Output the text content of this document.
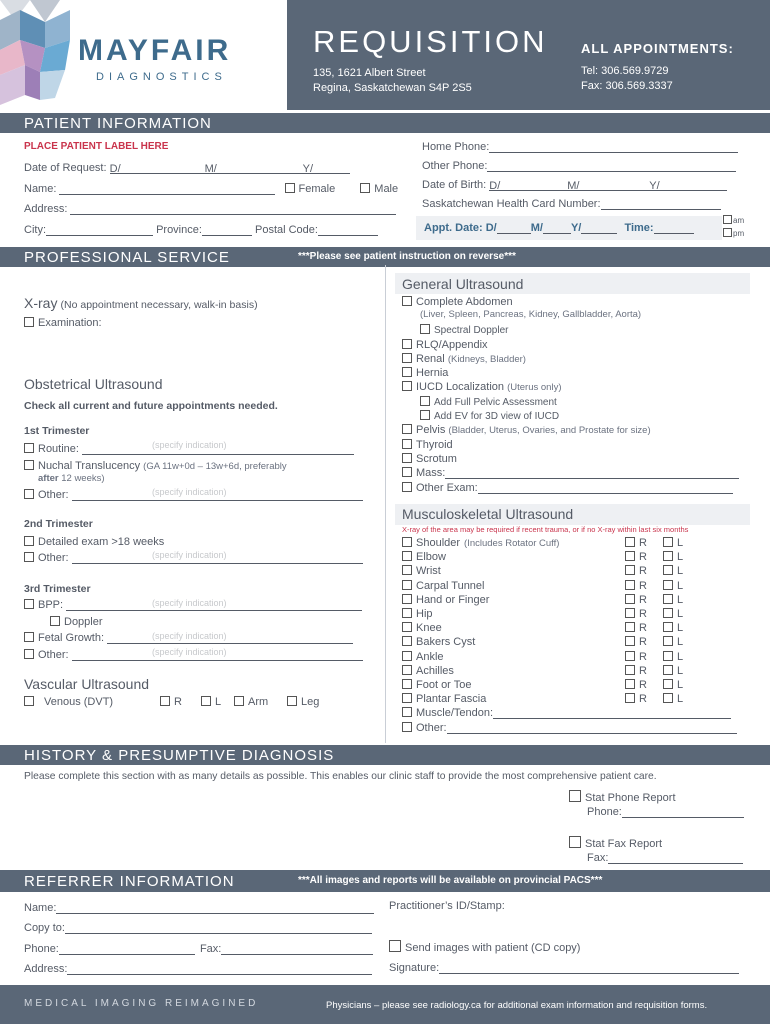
MAYFAIR
DIAGNOSTICS
REQUISITION	ALL APPOINTMENTS:
135, 1621 Albert Street
Regina, Saskatchewan S4P 2S5
Tel: 306.569.9729
Fax: 306.569.3337
PATIENT INFORMATION
PLACE PATIENT LABEL HERE
Date of Request: D/	M/	Y/
Name:	Female	Male
Address:
City:	Province:	Postal Code:
Home Phone:
Other Phone:
Date of Birth: D/	M/	Y/
Saskatchewan Health Card Number:
Appt. Date: D/	M/	Y/	Time:
am
pm
PROFESSIONAL SERVICE	***Please see patient instruction on reverse***
X-ray (No appointment necessary, walk-in basis)
Examination:
Obstetrical Ultrasound
Check all current and future appointments needed.
1st Trimester
Routine:	(specify indication)
Nuchal Translucency (GA 11w+0d – 13w+6d, preferably
after 12 weeks)
Other:	(specify indication)
2nd Trimester
Detailed exam >18 weeks
Other:	(specify indication)
3rd Trimester
BPP:	(specify indication)
Doppler
Fetal Growth:	(specify indication)
Other:	(specify indication)
Vascular Ultrasound
Venous (DVT)	R	L	Arm	Leg
General Ultrasound
Complete Abdomen
(Liver, Spleen, Pancreas, Kidney, Gallbladder, Aorta)
Spectral Doppler
RLQ/Appendix
Renal (Kidneys, Bladder)
Hernia
IUCD Localization (Uterus only)
Add Full Pelvic Assessment
Add EV for 3D view of IUCD
Pelvis (Bladder, Uterus, Ovaries, and Prostate for size)
Thyroid
Scrotum
Mass:
Other Exam:
Musculoskeletal Ultrasound
X-ray of the area may be required if recent trauma, or if no X-ray within last six months
Shoulder (Includes Rotator Cuff)	R	L
Elbow	R	L
Wrist	R	L
Carpal Tunnel	R	L
Hand or Finger	R	L
Hip	R	L
Knee	R	L
Bakers Cyst	R	L
Ankle	R	L
Achilles	R	L
Foot or Toe	R	L
Plantar Fascia	R	L
Muscle/Tendon:
Other:
HISTORY & PRESUMPTIVE DIAGNOSIS
Please complete this section with as many details as possible. This enables our clinic staff to provide the most comprehensive patient care.
Stat Phone Report
Phone:
Stat Fax Report
Fax:
REFERRER INFORMATION	***All images and reports will be available on provincial PACS***
Name:
Copy to:
Phone:	Fax:
Address:
Practitioner’s ID/Stamp:
Send images with patient (CD copy)
Signature:
MEDICAL IMAGING REIMAGINED	Physicians – please see radiology.ca for additional exam information and requisition forms.
